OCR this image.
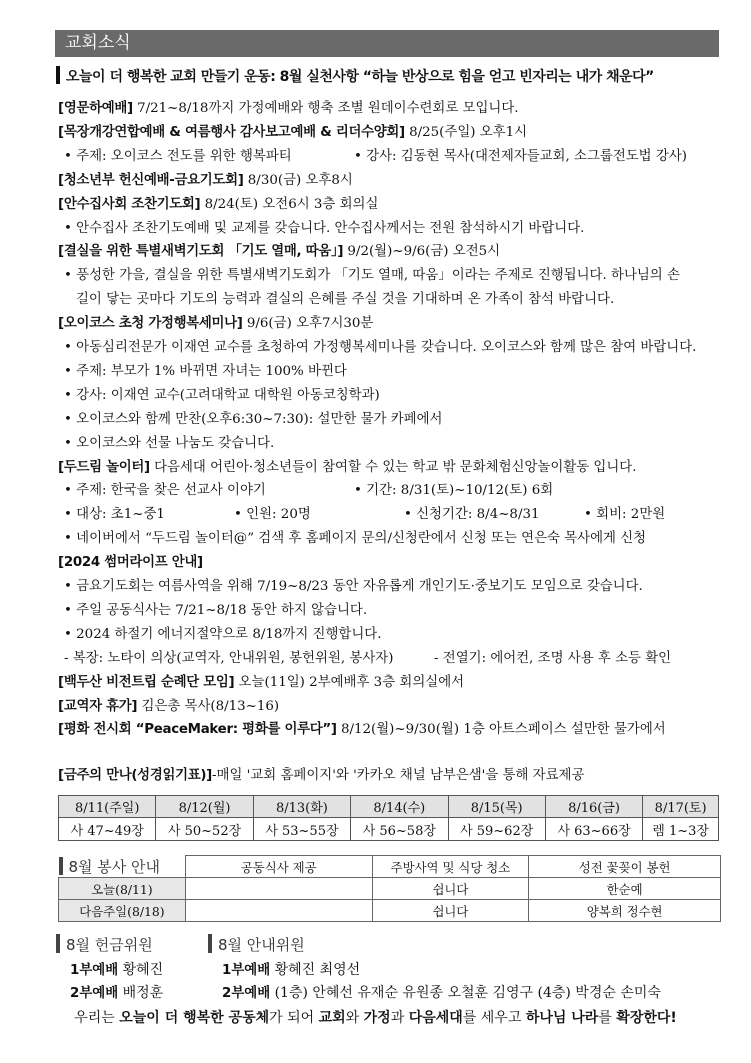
교회소식
오늘이 더 행복한 교회 만들기 운동: 8월 실천사항 “하늘 반상으로 힘을 얻고 빈자리는 내가 채운다”
[영문하예배] 7/21~8/18까지 가정예배와 행축 조별 원데이수련회로 모입니다.
[목장개강연합예배 & 여름행사 감사보고예배 & 리더수양회] 8/25(주일) 오후1시
• 주제: 오이코스 전도를 위한 행복파티	• 강사: 김동현 목사(대전제자들교회, 소그룹전도법 강사)
[청소년부 헌신예배-금요기도회] 8/30(금) 오후8시
[안수집사회 조찬기도회] 8/24(토) 오전6시 3층 회의실
• 안수집사 조찬기도예배 및 교제를 갖습니다. 안수집사께서는 전원 참석하시기 바랍니다.
[결실을 위한 특별새벽기도회 「기도 열매, 따움」] 9/2(월)~9/6(금) 오전5시
• 풍성한 가을, 결실을 위한 특별새벽기도회가 「기도 열매, 따움」이라는 주제로 진행됩니다. 하나님의 손
길이 닿는 곳마다 기도의 능력과 결실의 은혜를 주실 것을 기대하며 온 가족이 참석 바랍니다.
[오이코스 초청 가정행복세미나] 9/6(금) 오후7시30분
• 아동심리전문가 이재연 교수를 초청하여 가정행복세미나를 갖습니다. 오이코스와 함께 많은 참여 바랍니다.
• 주제: 부모가 1% 바뀌면 자녀는 100% 바뀐다
• 강사: 이재연 교수(고려대학교 대학원 아동코칭학과)
• 오이코스와 함께 만찬(오후6:30~7:30): 설만한 물가 카페에서
• 오이코스와 선물 나눔도 갖습니다.
[두드림 놀이터] 다음세대 어린아·청소년들이 참여할 수 있는 학교 밖 문화체험신앙놀이활동 입니다.
• 주제: 한국을 찾은 선교사 이야기	• 기간: 8/31(토)~10/12(토) 6회
• 대상: 초1~중1	• 인원: 20명	• 신청기간: 8/4~8/31	• 회비: 2만원
• 네이버에서 “두드림 놀이터@” 검색 후 홈페이지 문의/신청란에서 신청 또는 연은숙 목사에게 신청
[2024 썸머라이프 안내]
• 금요기도회는 여름사역을 위해 7/19~8/23 동안 자유롭게 개인기도·중보기도 모임으로 갖습니다.
• 주일 공동식사는 7/21~8/18 동안 하지 않습니다.
• 2024 하절기 에너지절약으로 8/18까지 진행합니다.
- 복장: 노타이 의상(교역자, 안내위원, 봉헌위원, 봉사자)	- 전열기: 에어컨, 조명 사용 후 소등 확인
[백두산 비전트립 순례단 모임] 오늘(11일) 2부예배후 3층 회의실에서
[교역자 휴가] 김은총 목사(8/13~16)
[평화 전시회 “PeaceMaker: 평화를 이루다”] 8/12(월)~9/30(월) 1층 아트스페이스 설만한 물가에서
[금주의 만나(성경읽기표)]-매일 '교회 홈페이지'와 '카카오 채널 남부은샘'을 통해 자료제공
8/11(주일)	8/12(월)	8/13(화)	8/14(수)	8/15(목)	8/16(금)	8/17(토)
사 47~49장	사 50~52장	사 53~55장	사 56~58장	사 59~62장	사 63~66장	렘 1~3장
8월 봉사 안내	공동식사 제공	주방사역 및 식당 청소	성전 꽃꽂이 봉헌
오늘(8/11)		쉽니다	한순예
다음주일(8/18)		쉽니다	양복희 정수현
8월 헌금위원
1부예배 황혜진
2부예배 배정훈
8월 안내위원
1부예배 황혜진 최영선
2부예배 (1층) 안혜선 유재순 유원종 오철훈 김영구 (4층) 박경순 손미숙
우리는 오늘이 더 행복한 공동체가 되어 교회와 가정과 다음세대를 세우고 하나님 나라를 확장한다!
